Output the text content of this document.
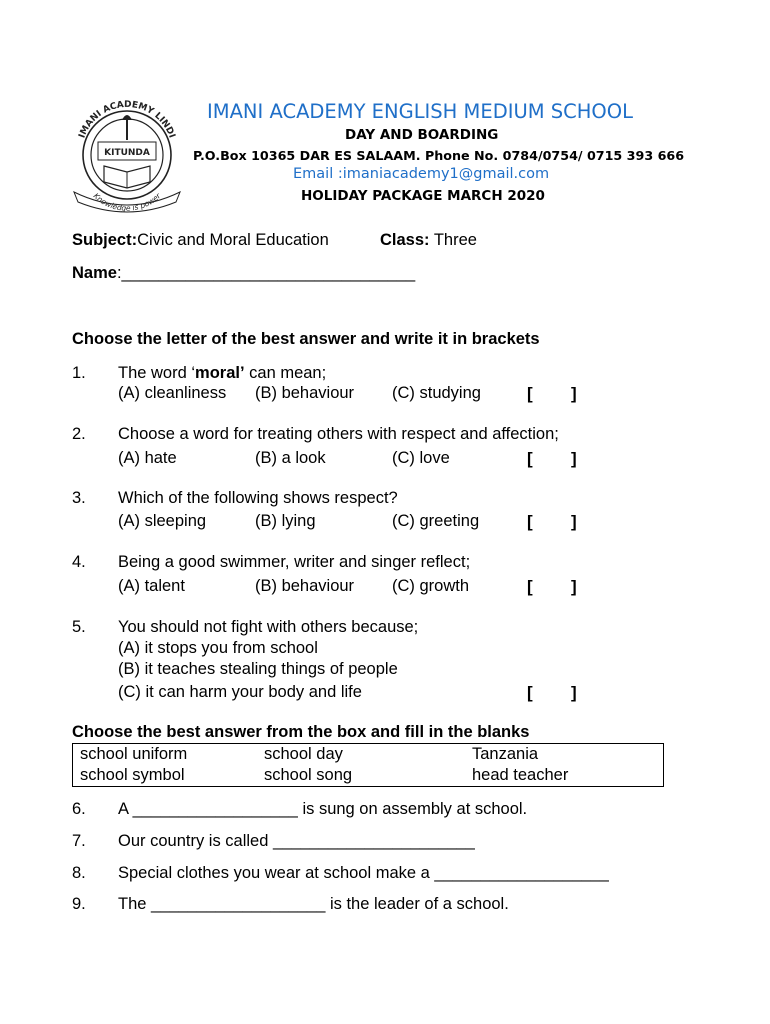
IMANI ACADEMY LINDI
KITUNDA
Knowledge is power
IMANI ACADEMY ENGLISH MEDIUM SCHOOL
DAY AND BOARDING
P.O.Box 10365 DAR ES SALAAM. Phone No. 0784/0754/ 0715 393 666
Email :imaniacademy1@gmail.com
HOLIDAY PACKAGE MARCH 2020
Subject:Civic and Moral Education	Class: Three
Name:________________________________
Choose the letter of the best answer and write it in brackets
1. The word ‘moral’ can mean;
(A) cleanliness (B) behaviour (C) studying	[ ]
2. Choose a word for treating others with respect and affection;
(A) hate	(B) a look	(C) love	[ ]
3. Which of the following shows respect?
(A) sleeping	(B) lying	(C) greeting	[ ]
4. Being a good swimmer, writer and singer reflect;
(A) talent	(B) behaviour (C) growth	[ ]
5. You should not fight with others because;
(A) it stops you from school
(B) it teaches stealing things of people
(C) it can harm your body and life	[ ]
Choose the best answer from the box and fill in the blanks
school uniform	school day	Tanzania
school symbol	school song	head teacher
6. A __________________ is sung on assembly at school.
7. Our country is called ______________________
8. Special clothes you wear at school make a ___________________
9. The ___________________ is the leader of a school.
